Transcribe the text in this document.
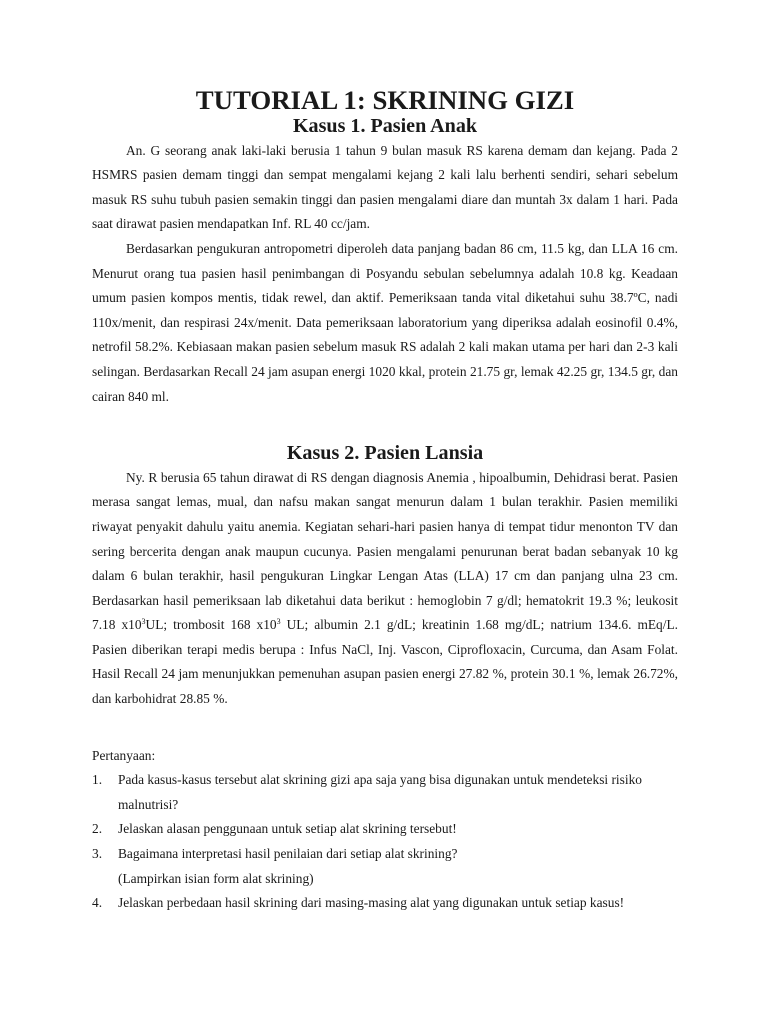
TUTORIAL 1: SKRINING GIZI
Kasus 1. Pasien Anak

An. G seorang anak laki-laki berusia 1 tahun 9 bulan masuk RS karena demam dan kejang. Pada 2 HSMRS pasien demam tinggi dan sempat mengalami kejang 2 kali lalu berhenti sendiri, sehari sebelum masuk RS suhu tubuh pasien semakin tinggi dan pasien mengalami diare dan muntah 3x dalam 1 hari. Pada saat dirawat pasien mendapatkan Inf. RL 40 cc/jam.

Berdasarkan pengukuran antropometri diperoleh data panjang badan 86 cm, 11.5 kg, dan LLA 16 cm. Menurut orang tua pasien hasil penimbangan di Posyandu sebulan sebelumnya adalah 10.8 kg. Keadaan umum pasien kompos mentis, tidak rewel, dan aktif. Pemeriksaan tanda vital diketahui suhu 38.7ºC, nadi 110x/menit, dan respirasi 24x/menit. Data pemeriksaan laboratorium yang diperiksa adalah eosinofil 0.4%, netrofil 58.2%. Kebiasaan makan pasien sebelum masuk RS adalah 2 kali makan utama per hari dan 2-3 kali selingan. Berdasarkan Recall 24 jam asupan energi 1020 kkal, protein 21.75 gr, lemak 42.25 gr, 134.5 gr, dan cairan 840 ml.

Kasus 2. Pasien Lansia

Ny. R berusia 65 tahun dirawat di RS dengan diagnosis Anemia , hipoalbumin, Dehidrasi berat. Pasien merasa sangat lemas, mual, dan nafsu makan sangat menurun dalam 1 bulan terakhir. Pasien memiliki riwayat penyakit dahulu yaitu anemia. Kegiatan sehari-hari pasien hanya di tempat tidur menonton TV dan sering bercerita dengan anak maupun cucunya. Pasien mengalami penurunan berat badan sebanyak 10 kg dalam 6 bulan terakhir, hasil pengukuran Lingkar Lengan Atas (LLA) 17 cm dan panjang ulna 23 cm. Berdasarkan hasil pemeriksaan lab diketahui data berikut : hemoglobin 7 g/dl; hematokrit 19.3 %; leukosit 7.18 $x10^3UL$; trombosit 168 $x10^3$ UL; albumin 2.1 g/dL; kreatinin 1.68 mg/dL; natrium 134.6. mEq/L. Pasien diberikan terapi medis berupa : Infus NaCl, Inj. Vascon, Ciprofloxacin, Curcuma, dan Asam Folat. Hasil Recall 24 jam menunjukkan pemenuhan asupan pasien energi 27.82 %, protein 30.1 %, lemak 26.72%, dan karbohidrat 28.85 %.

Pertanyaan:

1. Pada kasus-kasus tersebut alat skrining gizi apa saja yang bisa digunakan untuk mendeteksi risiko malnutrisi?
2. Jelaskan alasan penggunaan untuk setiap alat skrining tersebut!
3. Bagaimana interpretasi hasil penilaian dari setiap alat skrining?
(Lampirkan isian form alat skrining)
4. Jelaskan perbedaan hasil skrining dari masing-masing alat yang digunakan untuk setiap kasus!
